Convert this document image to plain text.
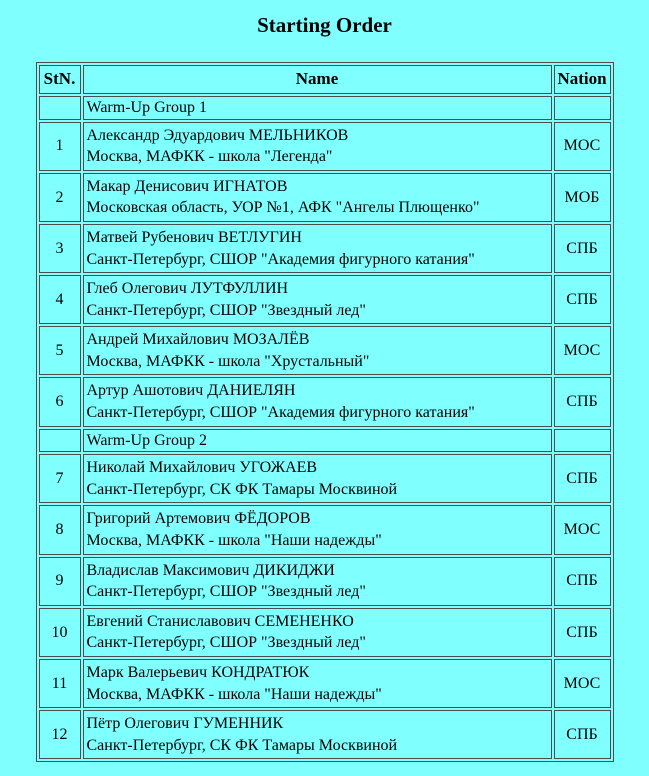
Starting Order
StN.	Name	Nation
	Warm-Up Group 1	
1	Александр Эдуардович МЕЛЬНИКОВ
Москва, МАФКК - школа "Легенда"	МОС
2	Макар Денисович ИГНАТОВ
Московская область, УОР №1, АФК "Ангелы Плющенко"	МОБ
3	Матвей Рубенович ВЕТЛУГИН
Санкт-Петербург, СШОР "Академия фигурного катания"	СПБ
4	Глеб Олегович ЛУТФУЛЛИН
Санкт-Петербург, СШОР "Звездный лед"	СПБ
5	Андрей Михайлович МОЗАЛЁВ
Москва, МАФКК - школа "Хрустальный"	МОС
6	Артур Ашотович ДАНИЕЛЯН
Санкт-Петербург, СШОР "Академия фигурного катания"	СПБ
	Warm-Up Group 2	
7	Николай Михайлович УГОЖАЕВ
Санкт-Петербург, СК ФК Тамары Москвиной	СПБ
8	Григорий Артемович ФЁДОРОВ
Москва, МАФКК - школа "Наши надежды"	МОС
9	Владислав Максимович ДИКИДЖИ
Санкт-Петербург, СШОР "Звездный лед"	СПБ
10	Евгений Станиславович СЕМЕНЕНКО
Санкт-Петербург, СШОР "Звездный лед"	СПБ
11	Марк Валерьевич КОНДРАТЮК
Москва, МАФКК - школа "Наши надежды"	МОС
12	Пётр Олегович ГУМЕННИК
Санкт-Петербург, СК ФК Тамары Москвиной	СПБ
